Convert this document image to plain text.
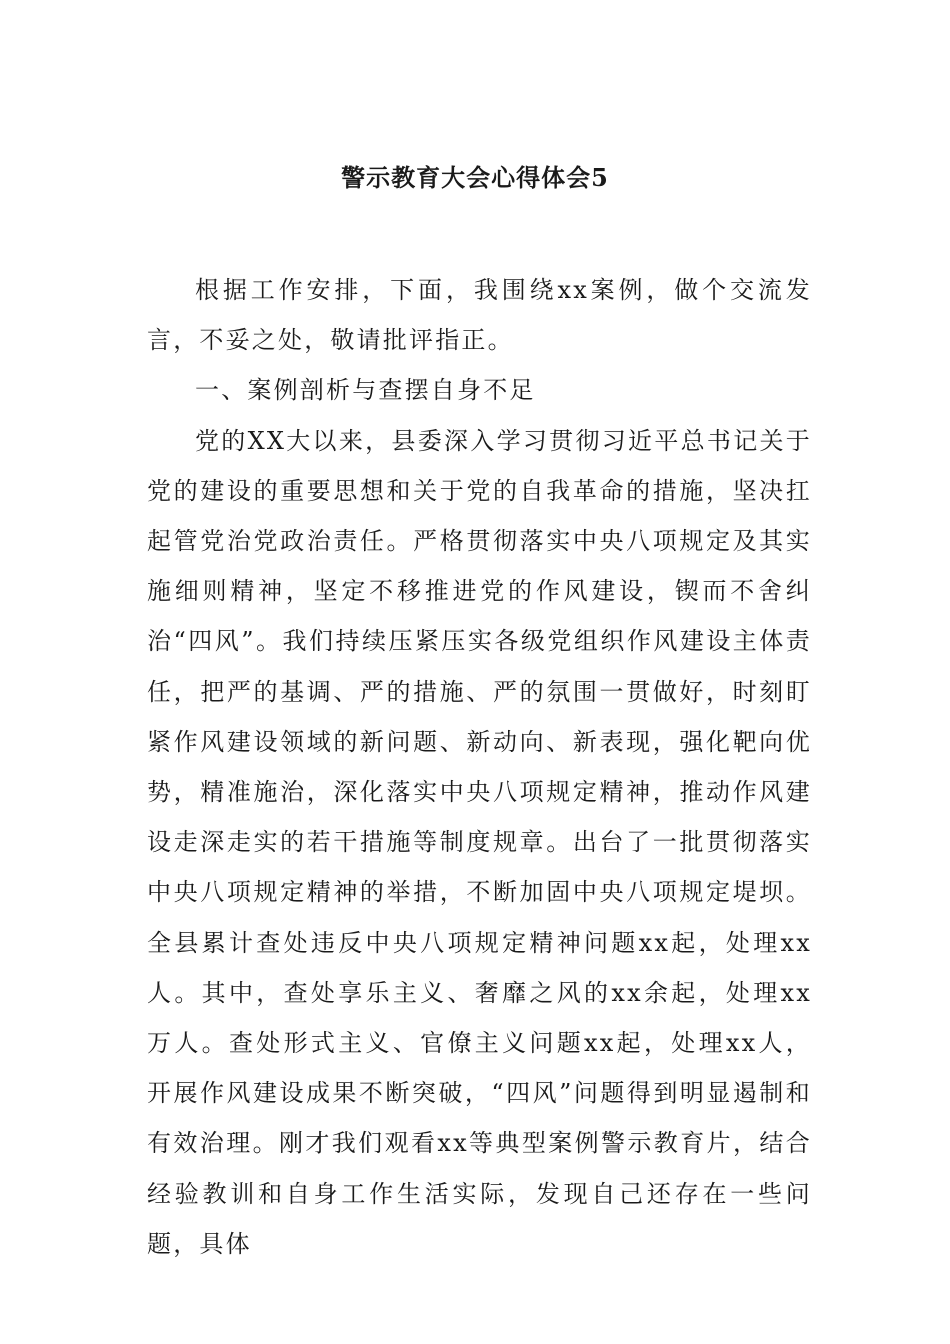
警示教育大会心得体会5

根据工作安排，下面，我围绕xx案例，做个交流发言，不妥之处，敬请批评指正。

一、案例剖析与查摆自身不足

党的XX大以来，县委深入学习贯彻习近平总书记关于党的建设的重要思想和关于党的自我革命的措施，坚决扛起管党治党政治责任。严格贯彻落实中央八项规定及其实施细则精神，坚定不移推进党的作风建设，锲而不舍纠治“四风”。我们持续压紧压实各级党组织作风建设主体责任，把严的基调、严的措施、严的氛围一贯做好，时刻盯紧作风建设领域的新问题、新动向、新表现，强化靶向优势，精准施治，深化落实中央八项规定精神，推动作风建设走深走实的若干措施等制度规章。出台了一批贯彻落实中央八项规定精神的举措，不断加固中央八项规定堤坝。全县累计查处违反中央八项规定精神问题xx起，处理xx人。其中，查处享乐主义、奢靡之风的xx余起，处理xx万人。查处形式主义、官僚主义问题xx起，处理xx人，开展作风建设成果不断突破，“四风”问题得到明显遏制和有效治理。刚才我们观看xx等典型案例警示教育片，结合经验教训和自身工作生活实际，发现自己还存在一些问题，具体
